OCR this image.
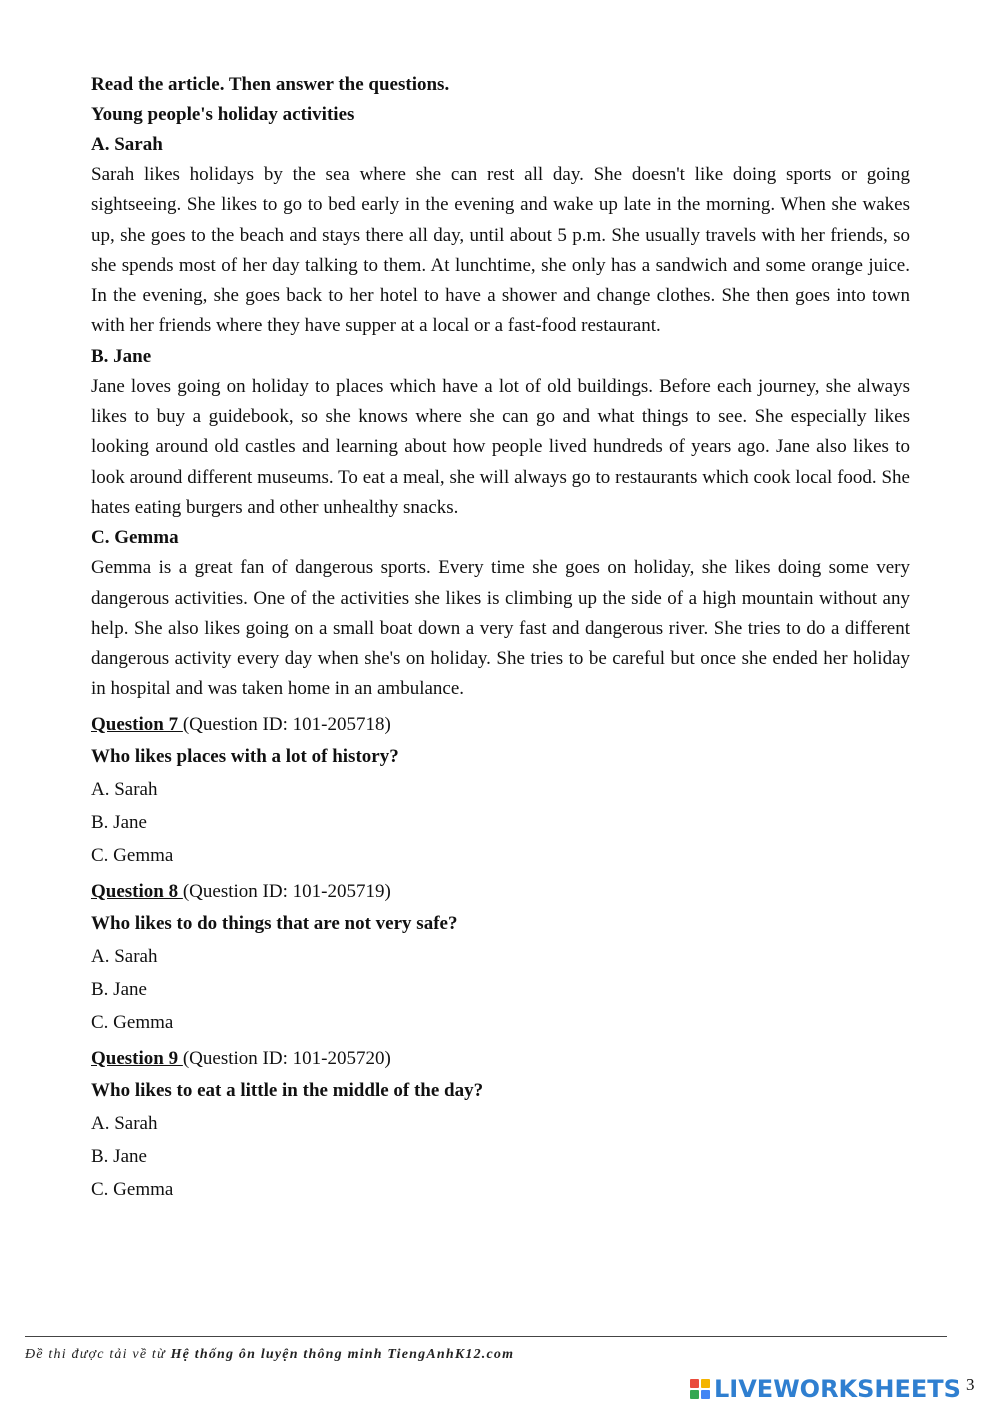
Read the article. Then answer the questions.

Young people's holiday activities

A. Sarah

Sarah likes holidays by the sea where she can rest all day. She doesn't like doing sports or going sightseeing. She likes to go to bed early in the evening and wake up late in the morning. When she wakes up, she goes to the beach and stays there all day, until about 5 p.m. She usually travels with her friends, so she spends most of her day talking to them. At lunchtime, she only has a sandwich and some orange juice. In the evening, she goes back to her hotel to have a shower and change clothes. She then goes into town with her friends where they have supper at a local or a fast-food restaurant.

B. Jane

Jane loves going on holiday to places which have a lot of old buildings. Before each journey, she always likes to buy a guidebook, so she knows where she can go and what things to see. She especially likes looking around old castles and learning about how people lived hundreds of years ago. Jane also likes to look around different museums. To eat a meal, she will always go to restaurants which cook local food. She hates eating burgers and other unhealthy snacks.

C. Gemma

Gemma is a great fan of dangerous sports. Every time she goes on holiday, she likes doing some very dangerous activities. One of the activities she likes is climbing up the side of a high mountain without any help. She also likes going on a small boat down a very fast and dangerous river. She tries to do a different dangerous activity every day when she's on holiday. She tries to be careful but once she ended her holiday in hospital and was taken home in an ambulance.

Question 7 (Question ID: 101-205718)

Who likes places with a lot of history?

A. Sarah

B. Jane

C. Gemma

Question 8 (Question ID: 101-205719)

Who likes to do things that are not very safe?

A. Sarah

B. Jane

C. Gemma

Question 9 (Question ID: 101-205720)

Who likes to eat a little in the middle of the day?

A. Sarah

B. Jane

C. Gemma

Đề thi được tải về từ Hệ thống ôn luyện thông minh TiengAnhK12.com
LIVEWORKSHEETS 3
